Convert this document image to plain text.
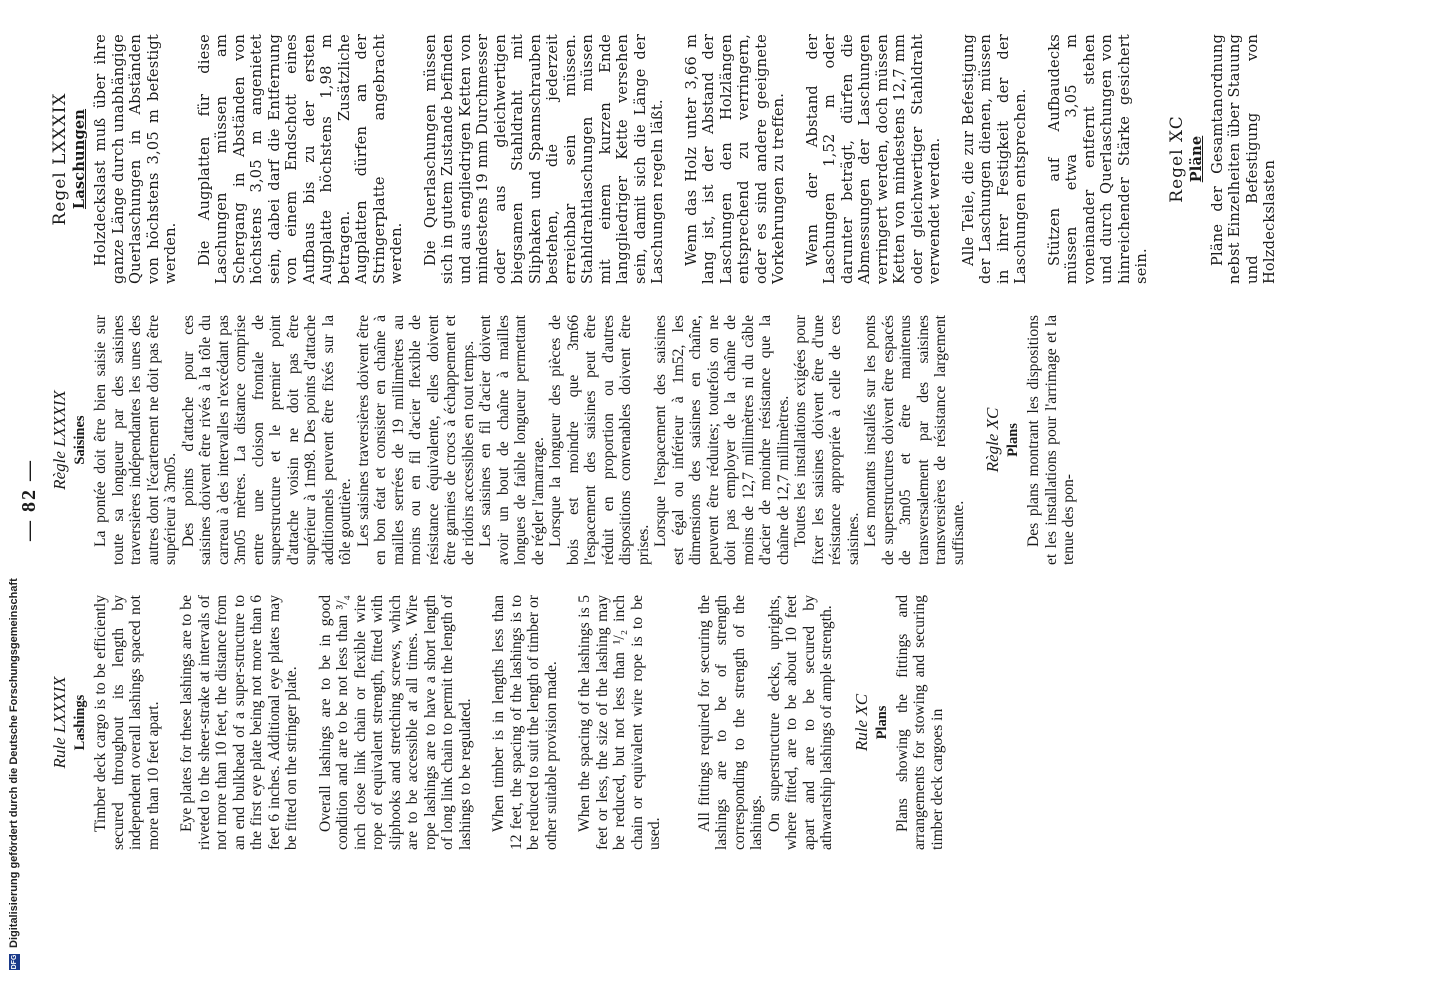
— 82 —
Rule LXXXIX Lashings Timber deck cargo is to be efficiently secured throughout its length by independent overall lashings spaced not more than 10 feet apart. Eye plates for these lashings are to be riveted to the sheer-strake at intervals of not more than 10 feet, the distance from an end bulkhead of a super-structure to the first eye plate being not more than 6 feet 6 inches. Additional eye plates may be fitted on the stringer plate. Overall lashings are to be in good condition and are to be not less than ³/₄ inch close link chain or flexible wire rope of equivalent strength, fitted with sliphooks and stretching screws, which are to be accessible at all times. Wire rope lashings are to have a short length of long link chain to permit the length of lashings to be regulated. When timber is in lengths less than 12 feet, the spacing of the lashings is to be reduced to suit the length of timber or other suitable provision made. When the spacing of the lashings is 5 feet or less, the size of the lashing may be reduced, but not less than ¹/₂ inch chain or equivalent wire rope is to be used.

All fittings required for securing the lashings are to be of strength corresponding to the strength of the lashings. On superstructure decks, uprights, where fitted, are to be about 10 feet apart and are to be secured by athwartship lashings of ample strength. Rule XC Plans Plans showing the fittings and arrangements for stowing and securing timber deck cargoes in

Règle LXXXIX Saisines La pontée doit être bien saisie sur toute sa longueur par des saisines traversières indépendantes les unes des autres dont l'écartement ne doit pas être supérieur à 3m05. Des points d'attache pour ces saisines doivent être rivés à la tôle du carreau à des intervalles n'excédant pas 3m05 mètres. La distance comprise entre une cloison frontale de superstructure et le premier point d'attache voisin ne doit pas être supérieur à 1m98. Des points d'attache additionnels peuvent être fixés sur la tôle gouttière. Les saisines traversières doivent être en bon état et consister en chaîne à mailles serrées de 19 millimètres au moins ou en fil d'acier flexible de résistance équivalente, elles doivent être garnies de crocs à échappement et de ridoirs accessibles en tout temps. Les saisines en fil d'acier doivent avoir un bout de chaîne à mailles longues de faible longueur permettant de régler l'amarrage. Lorsque la longueur des pièces de bois est moindre que 3m66 l'espacement des saisines peut être réduit en proportion ou d'autres dispositions convenables doivent être prises. Lorsque l'espacement des saisines est égal ou inférieur à 1m52, les dimensions des saisines en chaîne, peuvent être réduites; toutefois on ne doit pas employer de la chaîne de moins de 12,7 millimètres ni du câble d'acier de moindre résistance que la chaîne de 12,7 millimètres. Toutes les installations exigées pour fixer les saisines doivent être d'une résistance appropriée à celle de ces saisines. Les montants installés sur les ponts de superstructures doivent être espacés de 3m05 et être maintenus transversalement par des saisines transversières de résistance largement suffisante.

Règle XC Plans Des plans montrant les dispositions et les installations pour l'arrimage et la tenue des pon-

Regel LXXXIX Laschungen Holzdeckslast muß über ihre ganze Länge durch unabhängige Querlaschungen in Abständen von höchstens 3,05 m befestigt werden. Die Augplatten für diese Laschungen müssen am Schergang in Abständen von höchstens 3,05 m angenietet sein, dabei darf die Entfernung von einem Endschott eines Aufbaus bis zu der ersten Augplatte höchstens 1,98 m betragen. Zusätzliche Augplatten dürfen an der Stringerplatte angebracht werden. Die Querlaschungen müssen sich in gutem Zustande befinden und aus engliedrigen Ketten von mindestens 19 mm Durchmesser oder aus gleichwertigen biegsamen Stahldraht mit Sliphaken und Spannschrauben bestehen, die jederzeit erreichbar sein müssen. Stahldrahtlaschungen müssen mit einem kurzen Ende langgliedriger Kette versehen sein, damit sich die Länge der Laschungen regeln läßt. Wenn das Holz unter 3,66 m lang ist, ist der Abstand der Laschungen den Holzlängen entsprechend zu verringern, oder es sind andere geeignete Vorkehrungen zu treffen. Wenn der Abstand der Laschungen 1,52 m oder darunter beträgt, dürfen die Abmessungen der Laschungen verringert werden, doch müssen Ketten von mindestens 12,7 mm oder gleichwertiger Stahldraht verwendet werden. Alle Teile, die zur Befestigung der Laschungen dienen, müssen in ihrer Festigkeit der der Laschungen entsprechen. Stützen auf Aufbaudecks müssen etwa 3,05 m voneinander entfernt stehen und durch Querlaschungen von hinreichender Stärke gesichert sein.

Regel XC Pläne Pläne der Gesamtanordnung nebst Einzelheiten über Stauung und Befestigung von Holzdeckslasten

DFG
Digitalisierung gefördert durch die Deutsche Forschungsgemeinschaft
